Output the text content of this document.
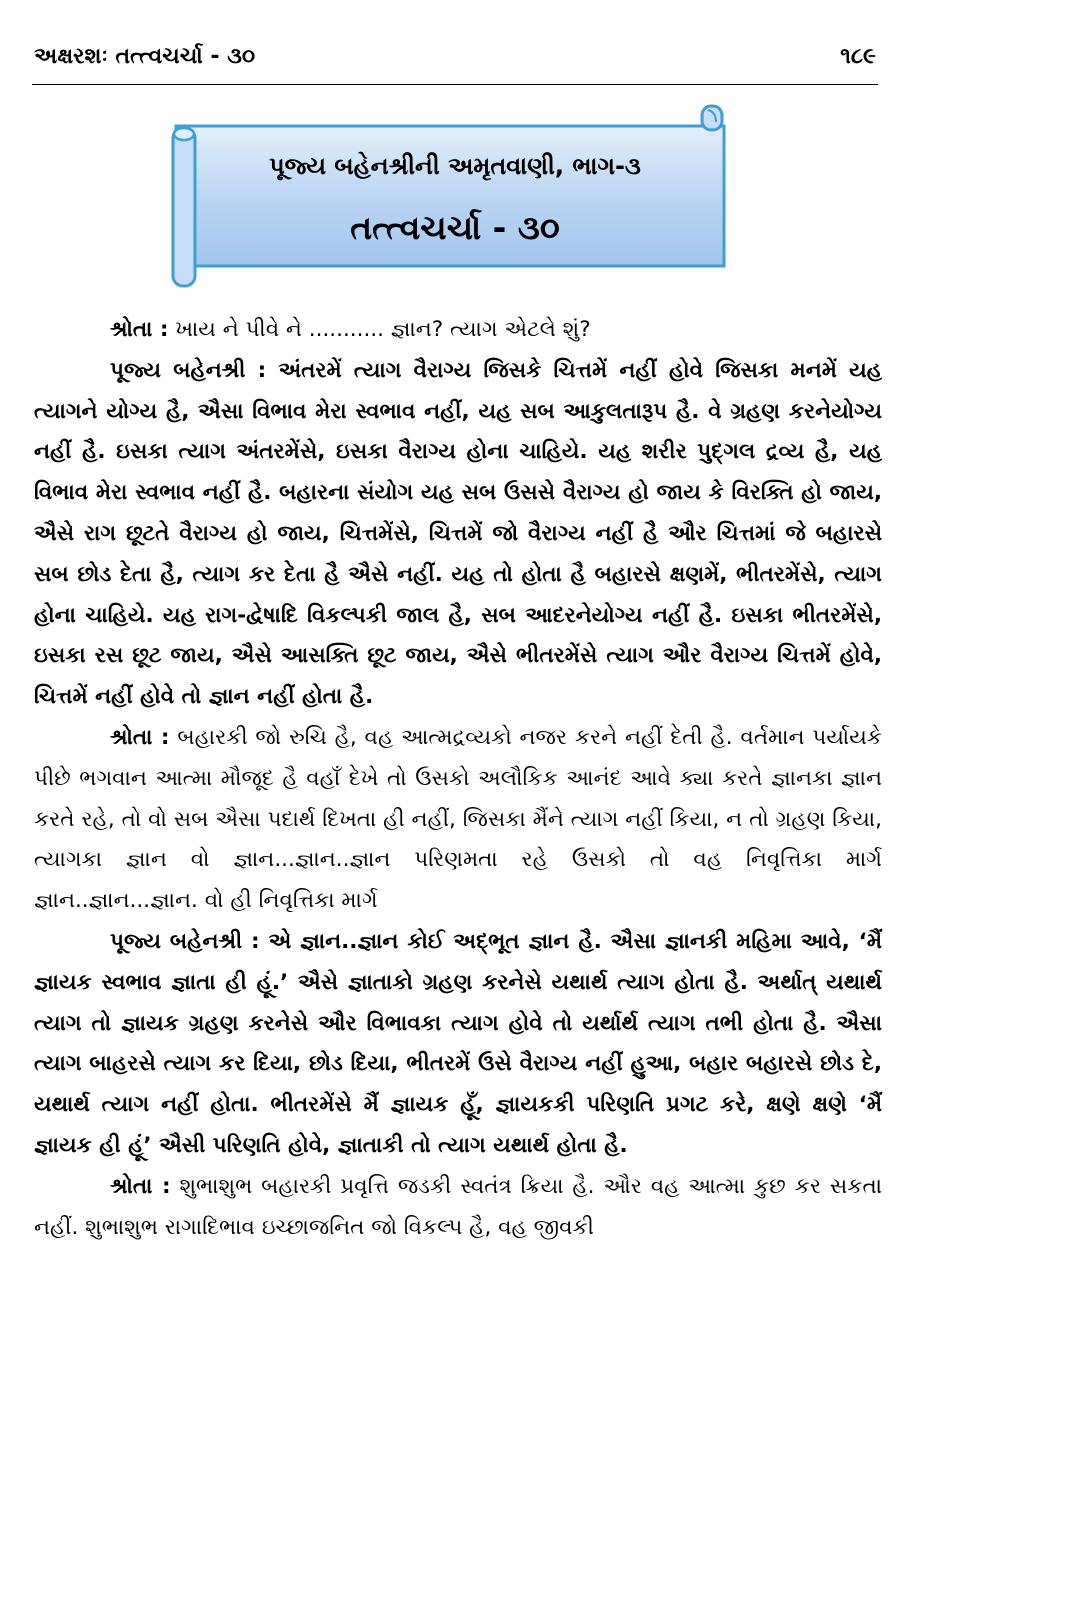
અક્ષરશઃ તત્ત્વચર્ચા - ૩૦	૧૮૯
પૂજ્ય બહેનશ્રીની અમૃતવાણી, ભાગ-૩
તત્ત્વચર્ચા - ૩૦

શ્રોતા : ખાય ને પીવે ને ........... જ્ઞાન? ત્યાગ એટલે શું?

પૂજ્ય બહેનશ્રી : અંતરમેં ત્યાગ વૈરાગ્ય જિસકે ચિત્તમેં નહીં હોવે જિસકા મનમેં યહ ત્યાગને યોગ્ય હૈ, ઐસા વિભાવ મેરા સ્વભાવ નહીં, યહ સબ આકુલતારૂપ હૈ. વે ગ્રહણ કરનેયોગ્ય નહીં હૈ. ઇસકા ત્યાગ અંતરમેંસે, ઇસકા વૈરાગ્ય હોના ચાહિયે. યહ શરીર પુદ્ગલ દ્રવ્ય હૈ, યહ વિભાવ મેરા સ્વભાવ નહીં હૈ. બહારના સંયોગ યહ સબ ઉસસે વૈરાગ્ય હો જાય કે વિરક્તિ હો જાય, ઐસે રાગ છૂટતે વૈરાગ્ય હો જાય, ચિત્તમેંસે, ચિત્તમેં જો વૈરાગ્ય નહીં હૈ ઔર ચિત્તમાં જે બહારસે સબ છોડ દેતા હૈ, ત્યાગ કર દેતા હૈ ઐસે નહીં. યહ તો હોતા હૈ બહારસે ક્ષણમેં, ભીતરમેંસે, ત્યાગ હોના ચાહિયે. યહ રાગ-દ્વેષાદિ વિકલ્પકી જાલ હૈ, સબ આદરનેયોગ્ય નહીં હૈ. ઇસકા ભીતરમેંસે, ઇસકા રસ છૂટ જાય, ઐસે આસક્તિ છૂટ જાય, ઐસે ભીતરમેંસે ત્યાગ ઔર વૈરાગ્ય ચિત્તમેં હોવે, ચિત્તમેં નહીં હોવે તો જ્ઞાન નહીં હોતા હૈ.

શ્રોતા : બહારકી જો રુચિ હૈ, વહ આત્મદ્રવ્યકો નજર કરને નહીં દેતી હૈ. વર્તમાન પર્યાયકે પીછે ભગવાન આત્મા મૌજૂદ હૈ વહાઁ દેખે તો ઉસકો અલૌકિક આનંદ આવે ક્યા કરતે જ્ઞાનકા જ્ઞાન કરતે રહે, તો વો સબ ઐસા પદાર્થ દિખતા હી નહીં, જિસકા મૈંને ત્યાગ નહીં કિયા, ન તો ગ્રહણ કિયા, ત્યાગકા જ્ઞાન વો જ્ઞાન...જ્ઞાન..જ્ઞાન પરિણમતા રહે ઉસકો તો વહ નિવૃત્તિકા માર્ગ જ્ઞાન..જ્ઞાન...જ્ઞાન. વો હી નિવૃત્તિકા માર્ગ

પૂજ્ય બહેનશ્રી : એ જ્ઞાન..જ્ઞાન કોઈ અદ્ભૂત જ્ઞાન હૈ. ઐસા જ્ઞાનકી મહિમા આવે, ‘મૈં જ્ઞાયક સ્વભાવ જ્ઞાતા હી હૂં.’ ઐસે જ્ઞાતાકો ગ્રહણ કરનેસે યથાર્થ ત્યાગ હોતા હૈ. અર્થાત્ યથાર્થ ત્યાગ તો જ્ઞાયક ગ્રહણ કરનેસે ઔર વિભાવકા ત્યાગ હોવે તો યર્થાર્થ ત્યાગ તભી હોતા હૈ. ઐસા ત્યાગ બાહરસે ત્યાગ કર દિયા, છોડ દિયા, ભીતરમેં ઉસે વૈરાગ્ય નહીં હુઆ, બહાર બહારસે છોડ દે, યથાર્થ ત્યાગ નહીં હોતા. ભીતરમેંસે મૈં જ્ઞાયક હૂઁ, જ્ઞાયકકી પરિણતિ પ્રગટ કરે, ક્ષણે ક્ષણે ‘મૈં જ્ઞાયક હી હૂં’ ઐસી પરિણતિ હોવે, જ્ઞાતાકી તો ત્યાગ યથાર્થ હોતા હૈ.

શ્રોતા : શુભાશુભ બહારકી પ્રવૃત્તિ જડકી સ્વતંત્ર ક્રિયા હૈ. ઔર વહ આત્મા કુછ કર સકતા નહીં. શુભાશુભ રાગાદિભાવ ઇચ્છાજનિત જો વિકલ્પ હૈ, વહ જીવકી
